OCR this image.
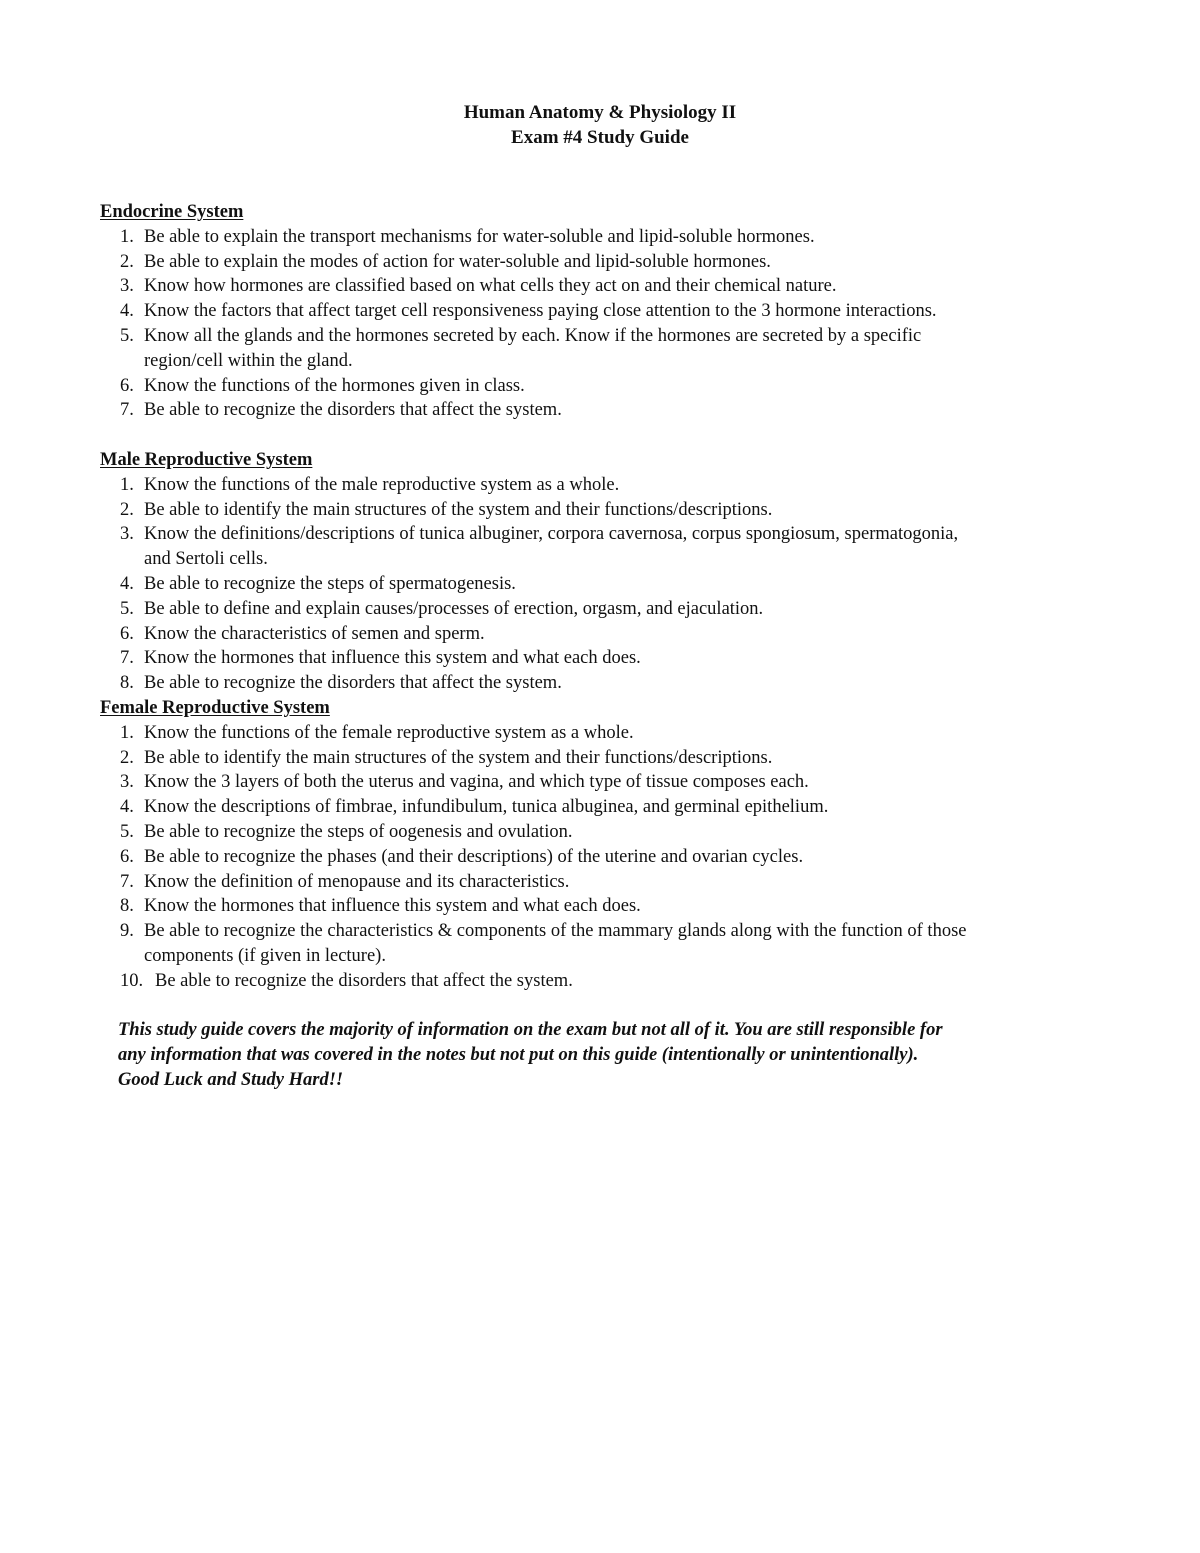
Human Anatomy & Physiology II
Exam #4 Study Guide
Endocrine System
1. Be able to explain the transport mechanisms for water-soluble and lipid-soluble hormones.
2. Be able to explain the modes of action for water-soluble and lipid-soluble hormones.
3. Know how hormones are classified based on what cells they act on and their chemical nature.
4. Know the factors that affect target cell responsiveness paying close attention to the 3 hormone interactions.
5. Know all the glands and the hormones secreted by each. Know if the hormones are secreted by a specific region/cell within the gland.
6. Know the functions of the hormones given in class.
7. Be able to recognize the disorders that affect the system.
Male Reproductive System
1. Know the functions of the male reproductive system as a whole.
2. Be able to identify the main structures of the system and their functions/descriptions.
3. Know the definitions/descriptions of tunica albuginer, corpora cavernosa, corpus spongiosum, spermatogonia, and Sertoli cells.
4. Be able to recognize the steps of spermatogenesis.
5. Be able to define and explain causes/processes of erection, orgasm, and ejaculation.
6. Know the characteristics of semen and sperm.
7. Know the hormones that influence this system and what each does.
8. Be able to recognize the disorders that affect the system.
Female Reproductive System
1. Know the functions of the female reproductive system as a whole.
2. Be able to identify the main structures of the system and their functions/descriptions.
3. Know the 3 layers of both the uterus and vagina, and which type of tissue composes each.
4. Know the descriptions of fimbrae, infundibulum, tunica albuginea, and germinal epithelium.
5. Be able to recognize the steps of oogenesis and ovulation.
6. Be able to recognize the phases (and their descriptions) of the uterine and ovarian cycles.
7. Know the definition of menopause and its characteristics.
8. Know the hormones that influence this system and what each does.
9. Be able to recognize the characteristics & components of the mammary glands along with the function of those components (if given in lecture).
10. Be able to recognize the disorders that affect the system.
This study guide covers the majority of information on the exam but not all of it. You are still responsible for
any information that was covered in the notes but not put on this guide (intentionally or unintentionally).
Good Luck and Study Hard!!
